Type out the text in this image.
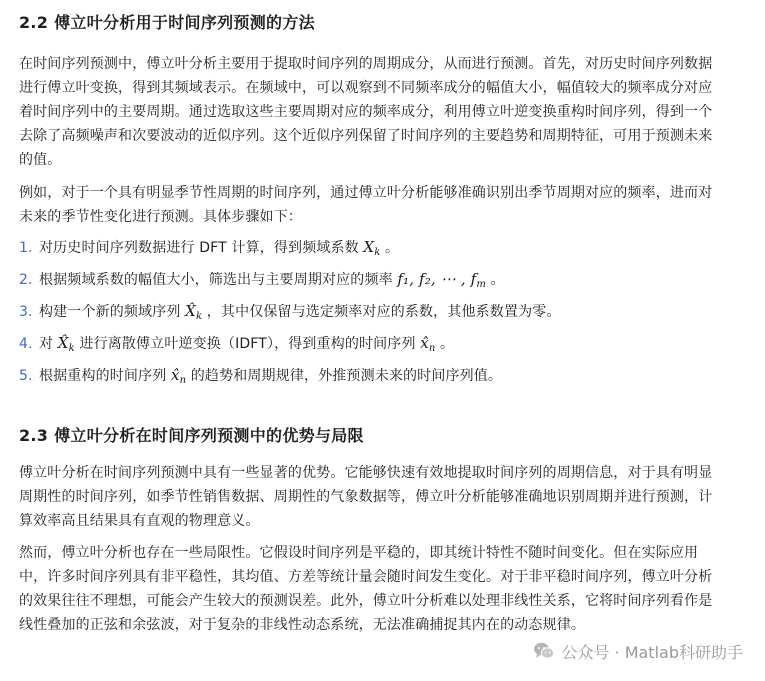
2.2 傅立叶分析用于时间序列预测的方法

在时间序列预测中，傅立叶分析主要用于提取时间序列的周期成分，从而进行预测。首先，对历史时间序列数据进行傅立叶变换，得到其频域表示。在频域中，可以观察到不同频率成分的幅值大小，幅值较大的频率成分对应着时间序列中的主要周期。通过选取这些主要周期对应的频率成分，利用傅立叶逆变换重构时间序列，得到一个去除了高频噪声和次要波动的近似序列。这个近似序列保留了时间序列的主要趋势和周期特征，可用于预测未来的值。

例如，对于一个具有明显季节性周期的时间序列，通过傅立叶分析能够准确识别出季节周期对应的频率，进而对未来的季节性变化进行预测。具体步骤如下：

1. 对历史时间序列数据进行 DFT 计算，得到频域系数 $X_k$ 。
2. 根据频域系数的幅值大小，筛选出与主要周期对应的频率 f₁, f₂, ⋯ , $f_m$ 。
3. 构建一个新的频域序列 $X̂_k$ ，其中仅保留与选定频率对应的系数，其他系数置为零。
4. 对 $X̂_k$ 进行离散傅立叶逆变换（IDFT），得到重构的时间序列 $x̂_n$ 。
5. 根据重构的时间序列 $x̂_n$ 的趋势和周期规律，外推预测未来的时间序列值。
2.3 傅立叶分析在时间序列预测中的优势与局限

傅立叶分析在时间序列预测中具有一些显著的优势。它能够快速有效地提取时间序列的周期信息，对于具有明显周期性的时间序列，如季节性销售数据、周期性的气象数据等，傅立叶分析能够准确地识别周期并进行预测，计算效率高且结果具有直观的物理意义。

然而，傅立叶分析也存在一些局限性。它假设时间序列是平稳的，即其统计特性不随时间变化。但在实际应用中，许多时间序列具有非平稳性，其均值、方差等统计量会随时间发生变化。对于非平稳时间序列，傅立叶分析的效果往往不理想，可能会产生较大的预测误差。此外，傅立叶分析难以处理非线性关系，它将时间序列看作是线性叠加的正弦和余弦波，对于复杂的非线性动态系统，无法准确捕捉其内在的动态规律。

公众号 · Matlab科研助手
